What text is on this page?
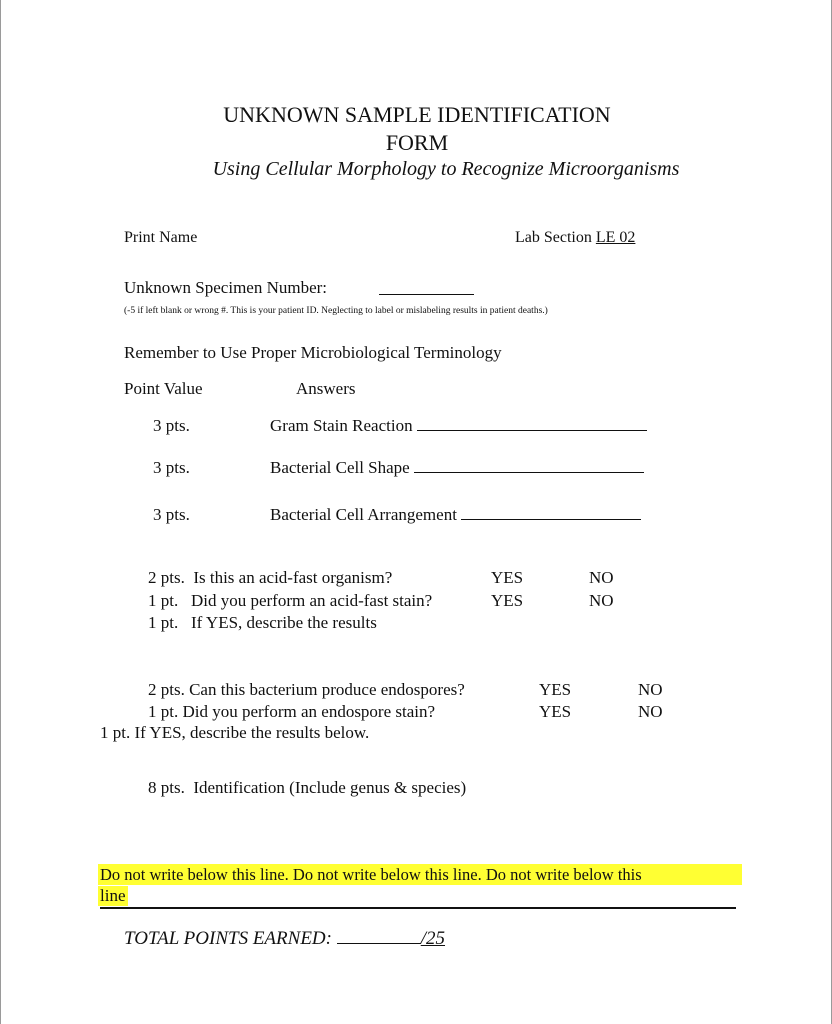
UNKNOWN SAMPLE IDENTIFICATION
FORM
Using Cellular Morphology to Recognize Microorganisms
Print Name	Lab Section LE 02
Unknown Specimen Number:
(-5 if left blank or wrong #. This is your patient ID. Neglecting to label or mislabeling results in patient deaths.)
Remember to Use Proper Microbiological Terminology
Point Value	Answers
3 pts.	Gram Stain Reaction
3 pts.	Bacterial Cell Shape
3 pts.	Bacterial Cell Arrangement
2 pts.  Is this an acid-fast organism?	YES	NO
1 pt.   Did you perform an acid-fast stain?	YES	NO
1 pt.   If YES, describe the results
2 pts. Can this bacterium produce endospores?	YES	NO
1 pt. Did you perform an endospore stain?	YES	NO
1 pt. If YES, describe the results below.
8 pts.  Identification (Include genus & species)
Do not write below this line. Do not write below this line. Do not write below this
line
TOTAL POINTS EARNED:	/25
